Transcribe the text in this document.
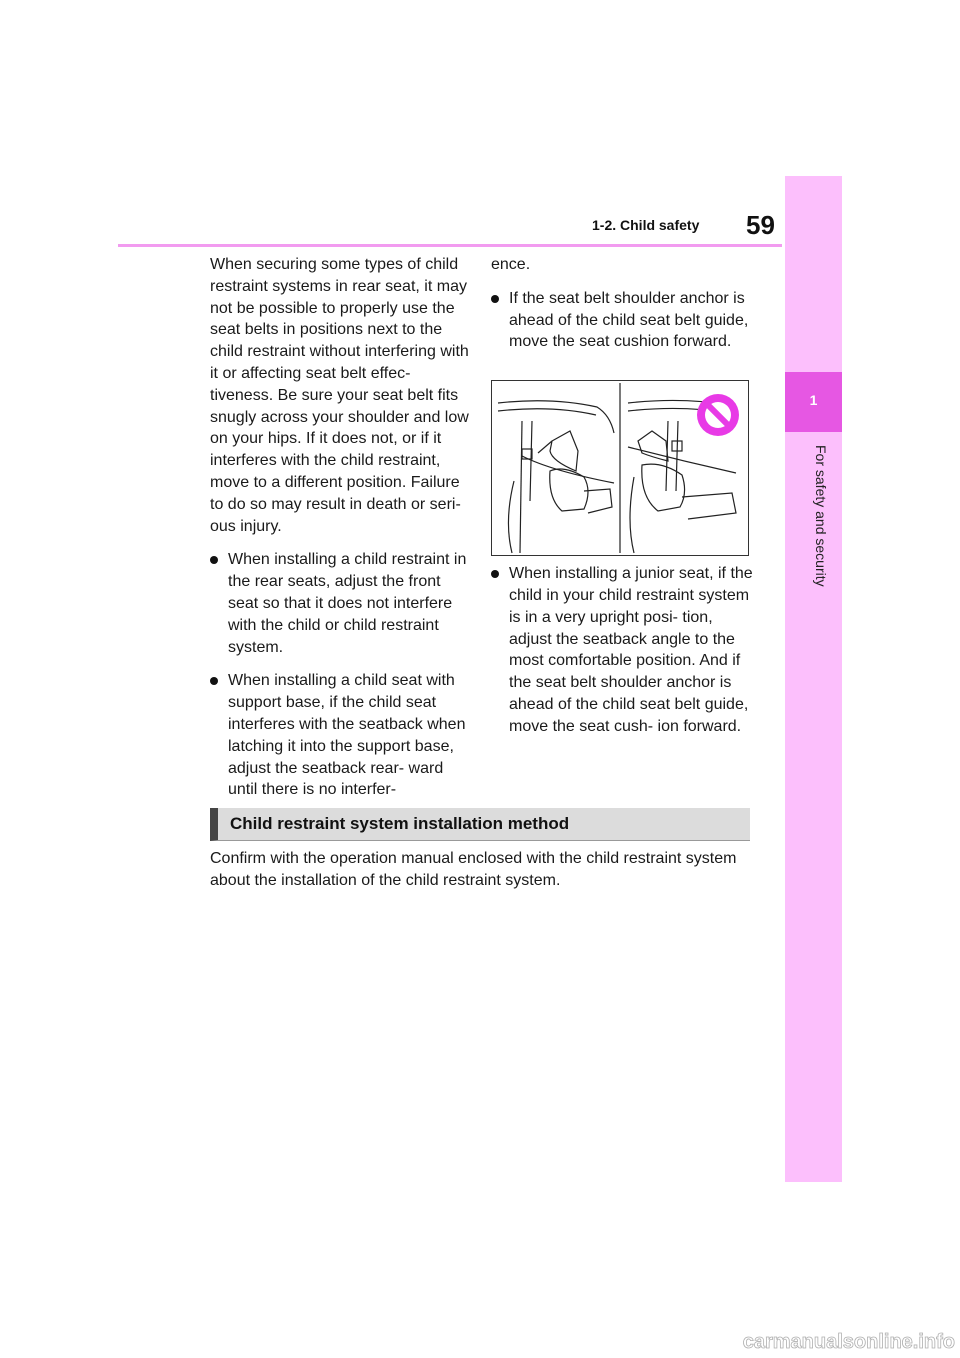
1-2. Child safety 59
1
For safety and security

When securing some types of child restraint systems in rear seat, it may not be possible to properly use the seat belts in positions next to the child restraint without interfering with it or affecting seat belt effec- tiveness. Be sure your seat belt fits snugly across your shoulder and low on your hips. If it does not, or if it interferes with the child restraint, move to a different position. Failure to do so may result in death or seri- ous injury.

When installing a child restraint in the rear seats, adjust the front seat so that it does not interfere with the child or child restraint system.
When installing a child seat with support base, if the child seat interferes with the seatback when latching it into the support base, adjust the seatback rear- ward until there is no interfer-

ence.

If the seat belt shoulder anchor is ahead of the child seat belt guide, move the seat cushion forward.
When installing a junior seat, if the child in your child restraint system is in a very upright posi- tion, adjust the seatback angle to the most comfortable position. And if the seat belt shoulder anchor is ahead of the child seat belt guide, move the seat cush- ion forward.
Child restraint system installation method
Confirm with the operation manual enclosed with the child restraint system about the installation of the child restraint system.
carmanualsonline.info
